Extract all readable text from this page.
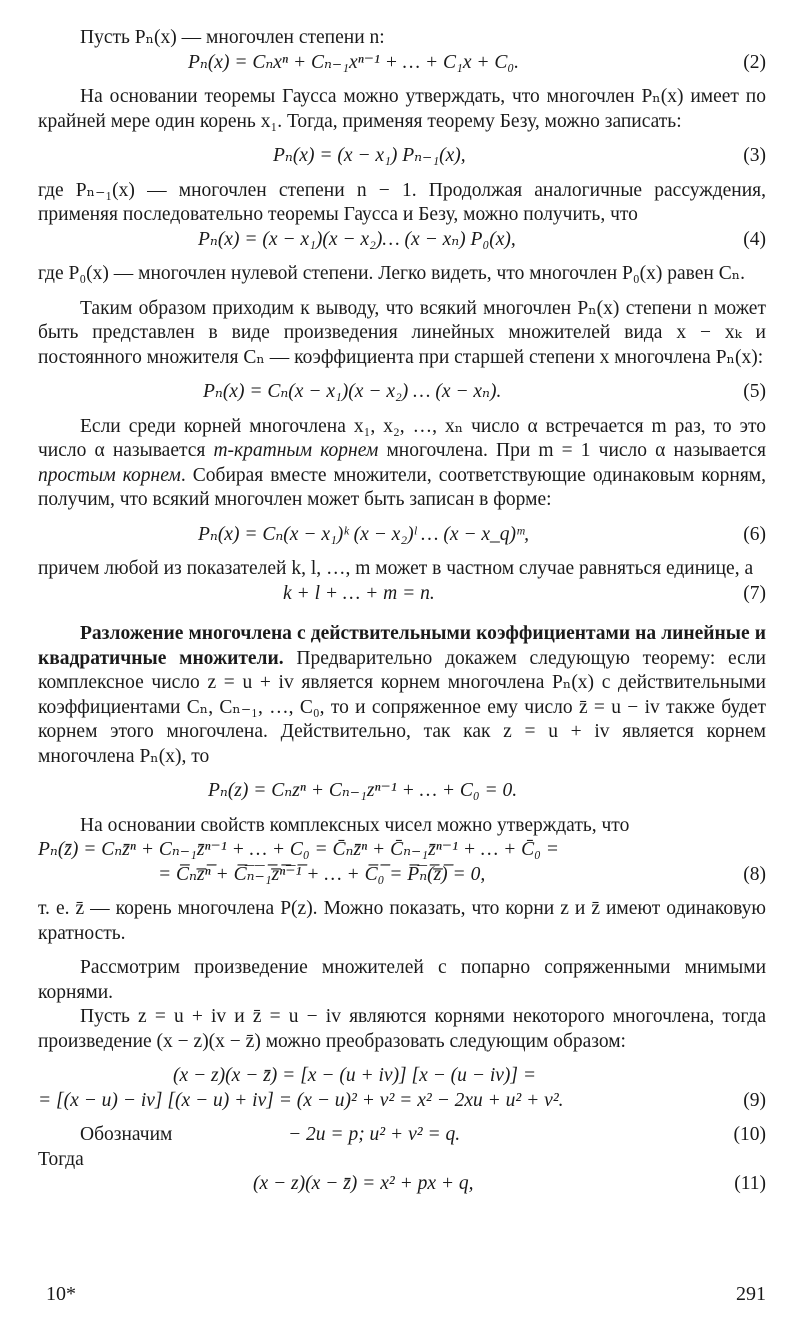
Пусть Pₙ(x) — многочлен степени n:

Pₙ(x) = Cₙxⁿ + Cₙ₋₁xⁿ⁻¹ + … + C₁x + C₀.	(2)

На основании теоремы Гаусса можно утверждать, что многочлен Pₙ(x) имеет по крайней мере один корень x₁. Тогда, применяя теорему Безу, можно записать:

Pₙ(x) = (x − x₁) Pₙ₋₁(x),	(3)

где Pₙ₋₁(x) — многочлен степени n − 1. Продолжая аналогичные рассуждения, применяя последовательно теоремы Гаусса и Безу, можно получить, что

Pₙ(x) = (x − x₁)(x − x₂)… (x − xₙ) P₀(x),	(4)

где P₀(x) — многочлен нулевой степени. Легко видеть, что многочлен P₀(x) равен Cₙ.

Таким образом приходим к выводу, что всякий многочлен Pₙ(x) степени n может быть представлен в виде произведения линейных множителей вида x − xₖ и постоянного множителя Cₙ — коэффициента при старшей степени x многочлена Pₙ(x):

Pₙ(x) = Cₙ(x − x₁)(x − x₂) … (x − xₙ).	(5)

Если среди корней многочлена x₁, x₂, …, xₙ число α встречается m раз, то это число α называется m-кратным корнем многочлена. При m = 1 число α называется простым корнем. Собирая вместе множители, соответствующие одинаковым корням, получим, что всякий многочлен может быть записан в форме:

Pₙ(x) = Cₙ(x − x₁)ᵏ (x − x₂)ˡ … (x − x_q)ᵐ,	(6)

причем любой из показателей k, l, …, m может в частном случае равняться единице, а

k + l + … + m = n.	(7)

Разложение многочлена с действительными коэффициентами на линейные и квадратичные множители. Предварительно докажем следующую теорему: если комплексное число z = u + iv является корнем многочлена Pₙ(x) с действительными коэффициентами Cₙ, Cₙ₋₁, …, C₀, то и сопряженное ему число z̄ = u − iv также будет корнем этого многочлена. Действительно, так как z = u + iv является корнем многочлена Pₙ(x), то

Pₙ(z) = Cₙzⁿ + Cₙ₋₁zⁿ⁻¹ + … + C₀ = 0.

На основании свойств комплексных чисел можно утверждать, что

Pₙ(z̄) = Cₙz̄ⁿ + Cₙ₋₁z̄ⁿ⁻¹ + … + C₀ = C̄ₙz̄ⁿ + C̄ₙ₋₁z̄ⁿ⁻¹ + … + C̄₀ =
= C̅ₙz̅ⁿ̅ + C̅ₙ̅₋̅₁̅z̅ⁿ̅⁻̅¹̅ + … + C̅₀̅ = P̅ₙ̅(̅z̅)̅ = 0,	(8)

т. е. z̄ — корень многочлена P(z). Можно показать, что корни z и z̄ имеют одинаковую кратность.

Рассмотрим произведение множителей с попарно сопряженными мнимыми корнями.

Пусть z = u + iv и z̄ = u − iv являются корнями некоторого многочлена, тогда произведение (x − z)(x − z̄) можно преобразовать следующим образом:

(x − z)(x − z̄) = [x − (u + iv)] [x − (u − iv)] =
= [(x − u) − iv] [(x − u) + iv] = (x − u)² + v² = x² − 2xu + u² + v².	(9)
Обозначим	− 2u = p; u² + v² = q.	(10)
Тогда
(x − z)(x − z̄) = x² + px + q,	(11)
10*	291
